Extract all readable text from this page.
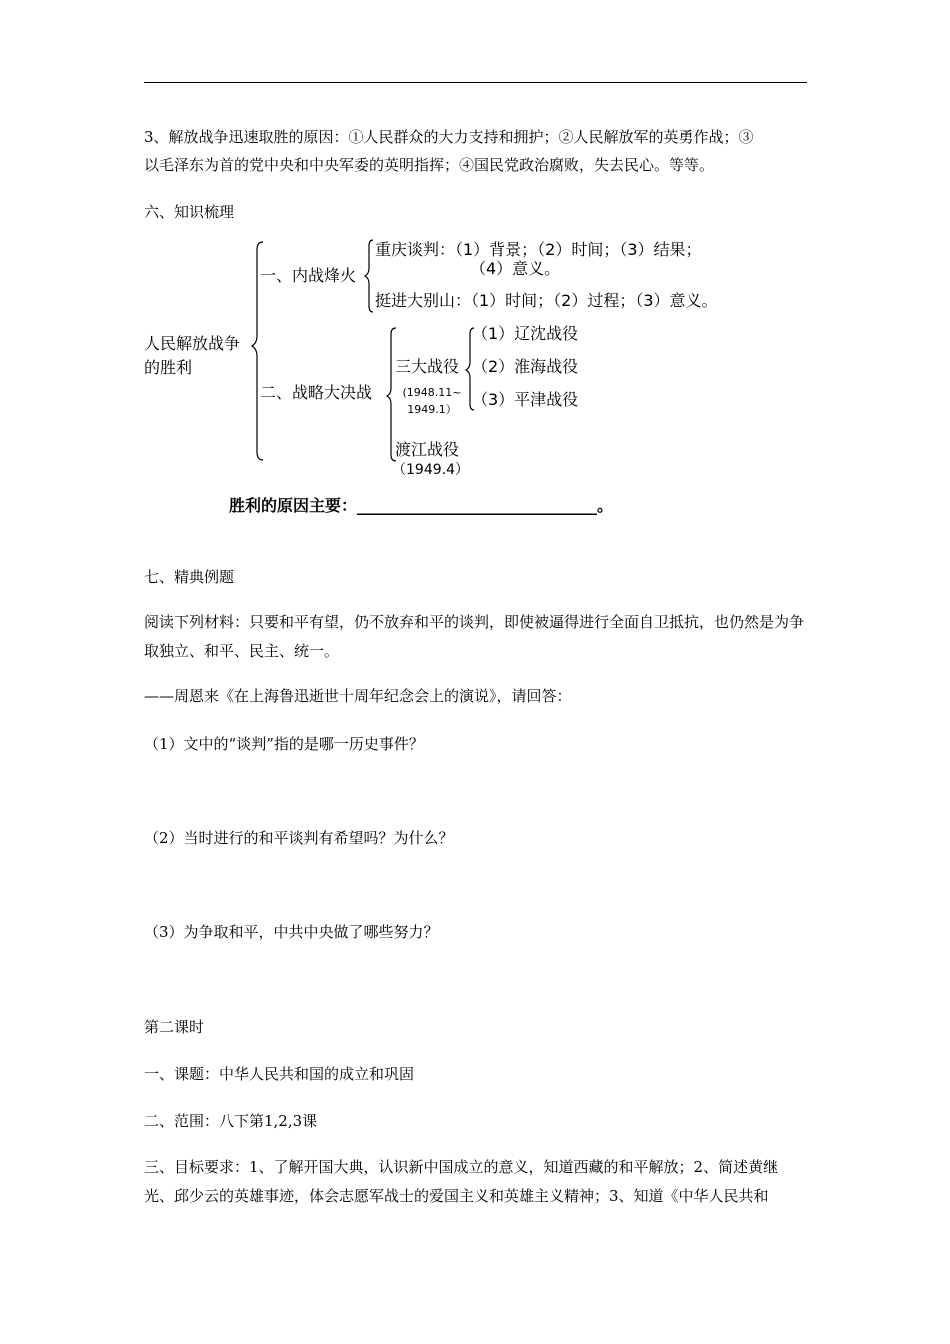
3、解放战争迅速取胜的原因：①人民群众的大力支持和拥护；②人民解放军的英勇作战；③
以毛泽东为首的党中央和中央军委的英明指挥；④国民党政治腐败，失去民心。等等。
六、知识梳理
人民解放战争
的胜利
一、内战烽火
重庆谈判：（1）背景；（2）时间；（3）结果；
（4）意义。
挺进大别山：（1）时间；（2）过程；（3）意义。
二、战略大决战
三大战役
(1948.11~
1949.1）
（1）辽沈战役
（2）淮海战役
（3）平津战役
渡江战役
（1949.4）
胜利的原因主要：______________________________。
七、精典例题
阅读下列材料：只要和平有望，仍不放弃和平的谈判，即使被逼得进行全面自卫抵抗，也仍然是为争取独立、和平、民主、统一。
——周恩来《在上海鲁迅逝世十周年纪念会上的演说》，请回答：
（1）文中的“谈判”指的是哪一历史事件？
（2）当时进行的和平谈判有希望吗？为什么？
（3）为争取和平，中共中央做了哪些努力？
第二课时
一、课题：中华人民共和国的成立和巩固
二、范围：八下第1,2,3课
三、目标要求：1、了解开国大典，认识新中国成立的意义，知道西藏的和平解放；2、简述黄继光、邱少云的英雄事迹，体会志愿军战士的爱国主义和英雄主义精神；3、知道《中华人民共和
